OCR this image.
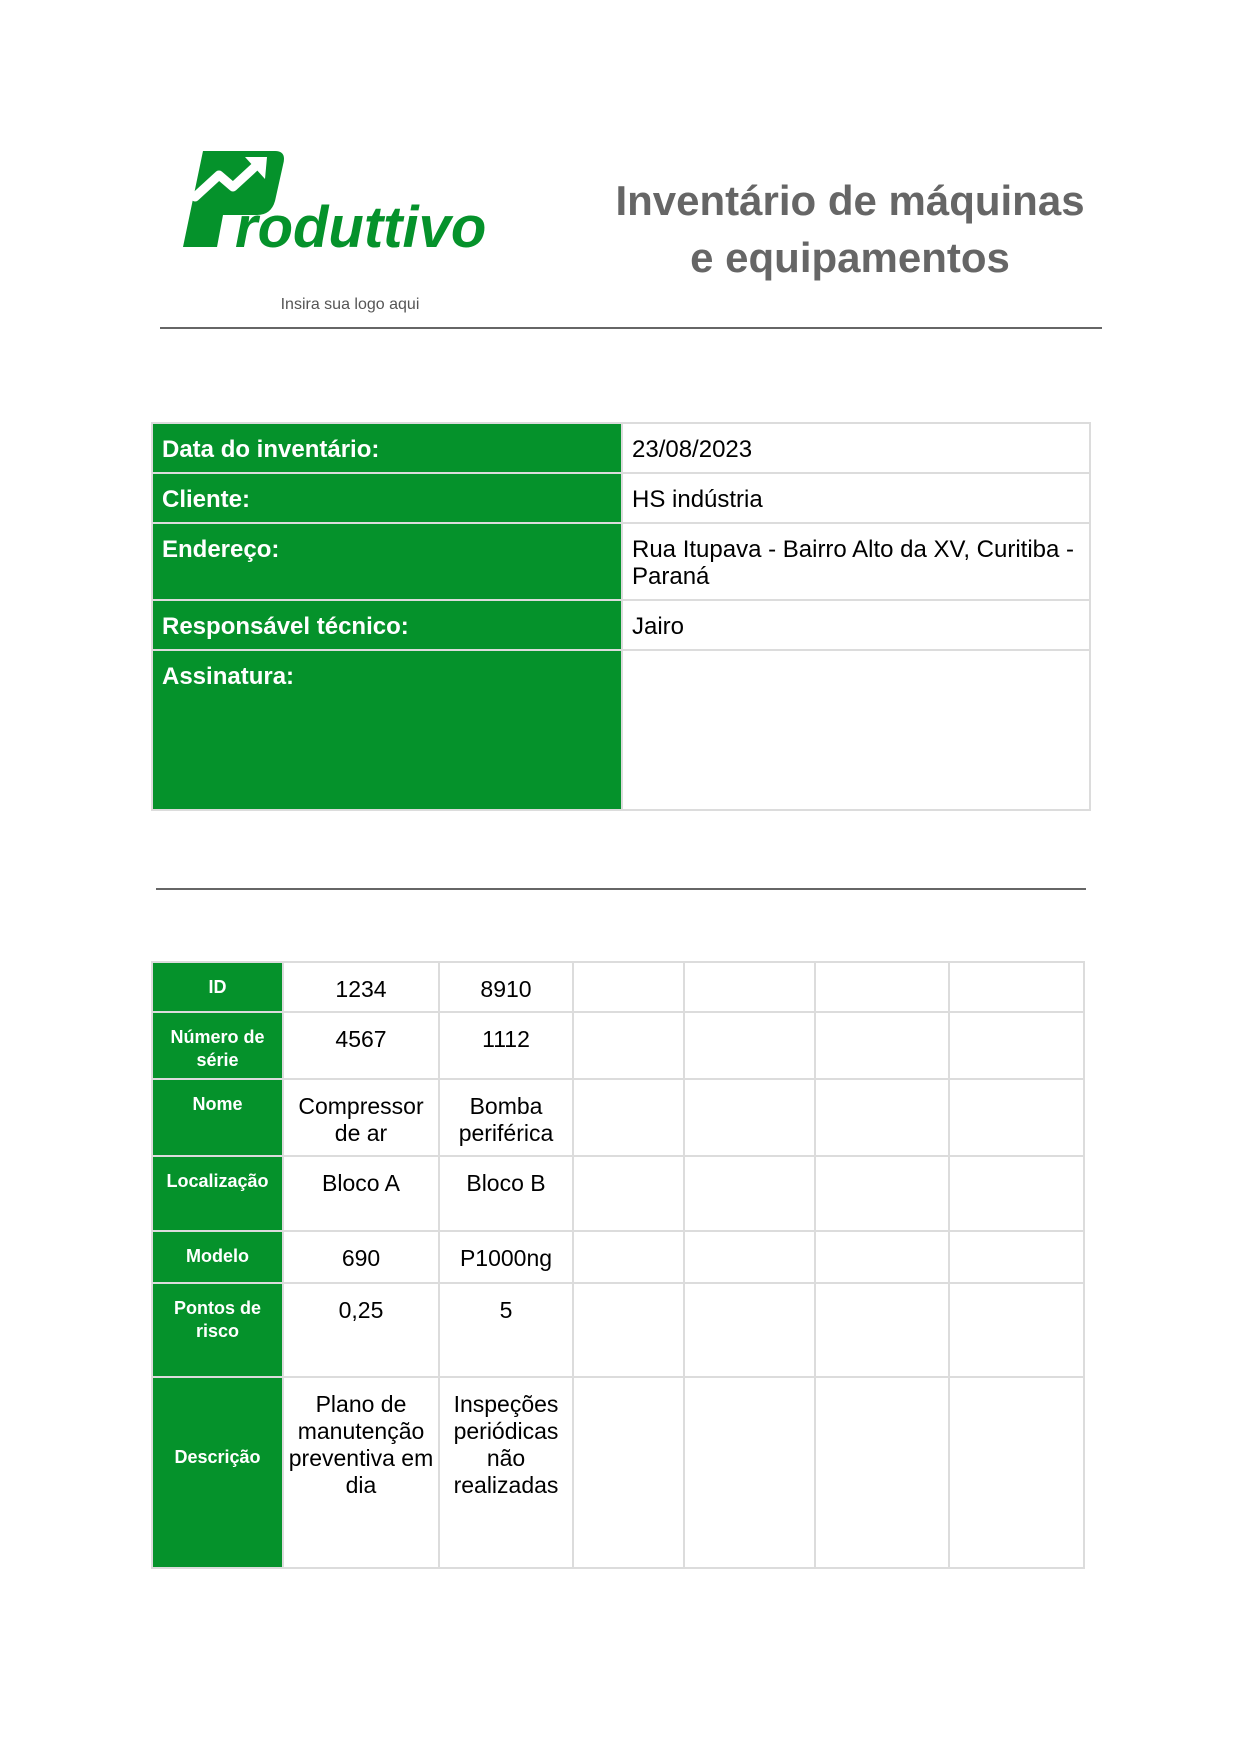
roduttivo
Insira sua logo aqui
Inventário de máquinas e equipamentos
Data do inventário:	23/08/2023

Cliente:	HS indústria

Endereço:	Rua Itupava - Bairro Alto da XV, Curitiba - Paraná

Responsável técnico:	Jairo

Assinatura:	

ID	1234	8910				

Número de série	4567	1112				

Nome	Compressor de ar	Bomba periférica				

Localização	Bloco A	Bloco B				

Modelo	690	P1000ng				

Pontos de risco	0,25	5				

Descrição	Plano de manutenção preventiva em dia	Inspeções periódicas não realizadas				
